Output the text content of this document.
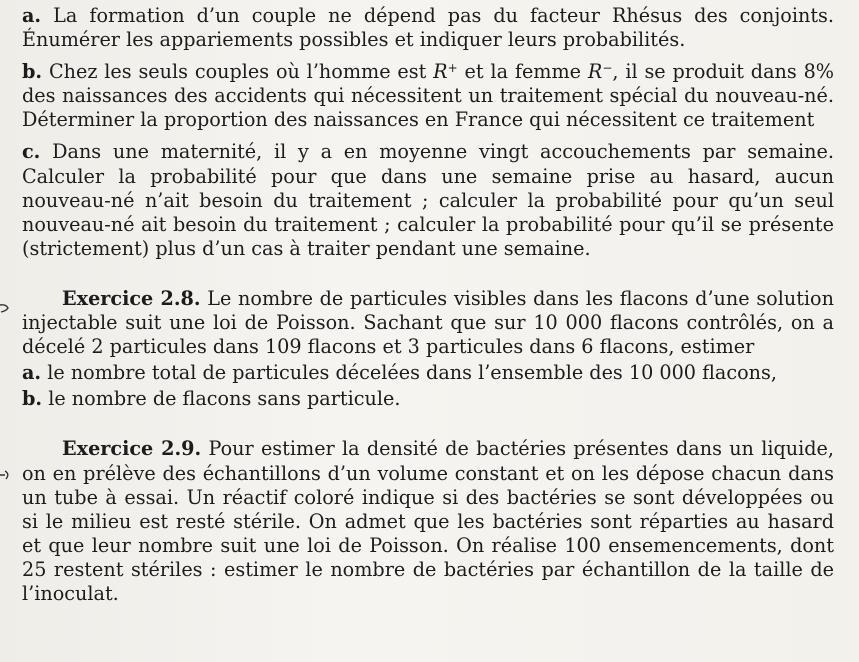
a. La formation d’un couple ne dépend pas du facteur Rhésus des conjoints. Énumérer les appariements possibles et indiquer leurs probabilités.

b. Chez les seuls couples où l’homme est R+ et la femme R−, il se produit dans 8% des naissances des accidents qui nécessitent un traitement spécial du nouveau-né. Déterminer la proportion des naissances en France qui nécessitent ce traitement

c. Dans une maternité, il y a en moyenne vingt accouchements par semaine. Calculer la probabilité pour que dans une semaine prise au hasard, aucun nouveau-né n’ait besoin du traitement ; calculer la probabilité pour qu’un seul nouveau-né ait besoin du traitement ; calculer la probabilité pour qu’il se présente (strictement) plus d’un cas à traiter pendant une semaine.

Exercice 2.8. Le nombre de particules visibles dans les flacons d’une solution injectable suit une loi de Poisson. Sachant que sur 10 000 flacons contrôlés, on a décelé 2 particules dans 109 flacons et 3 particules dans 6 flacons, estimer

a. le nombre total de particules décelées dans l’ensemble des 10 000 flacons,

b. le nombre de flacons sans particule.

Exercice 2.9. Pour estimer la densité de bactéries présentes dans un liquide, on en prélève des échantillons d’un volume constant et on les dépose chacun dans un tube à essai. Un réactif coloré indique si des bactéries se sont développées ou si le milieu est resté stérile. On admet que les bactéries sont réparties au hasard et que leur nombre suit une loi de Poisson. On réalise 100 ensemencements, dont 25 restent stériles : estimer le nombre de bactéries par échantillon de la taille de l’inoculat.
